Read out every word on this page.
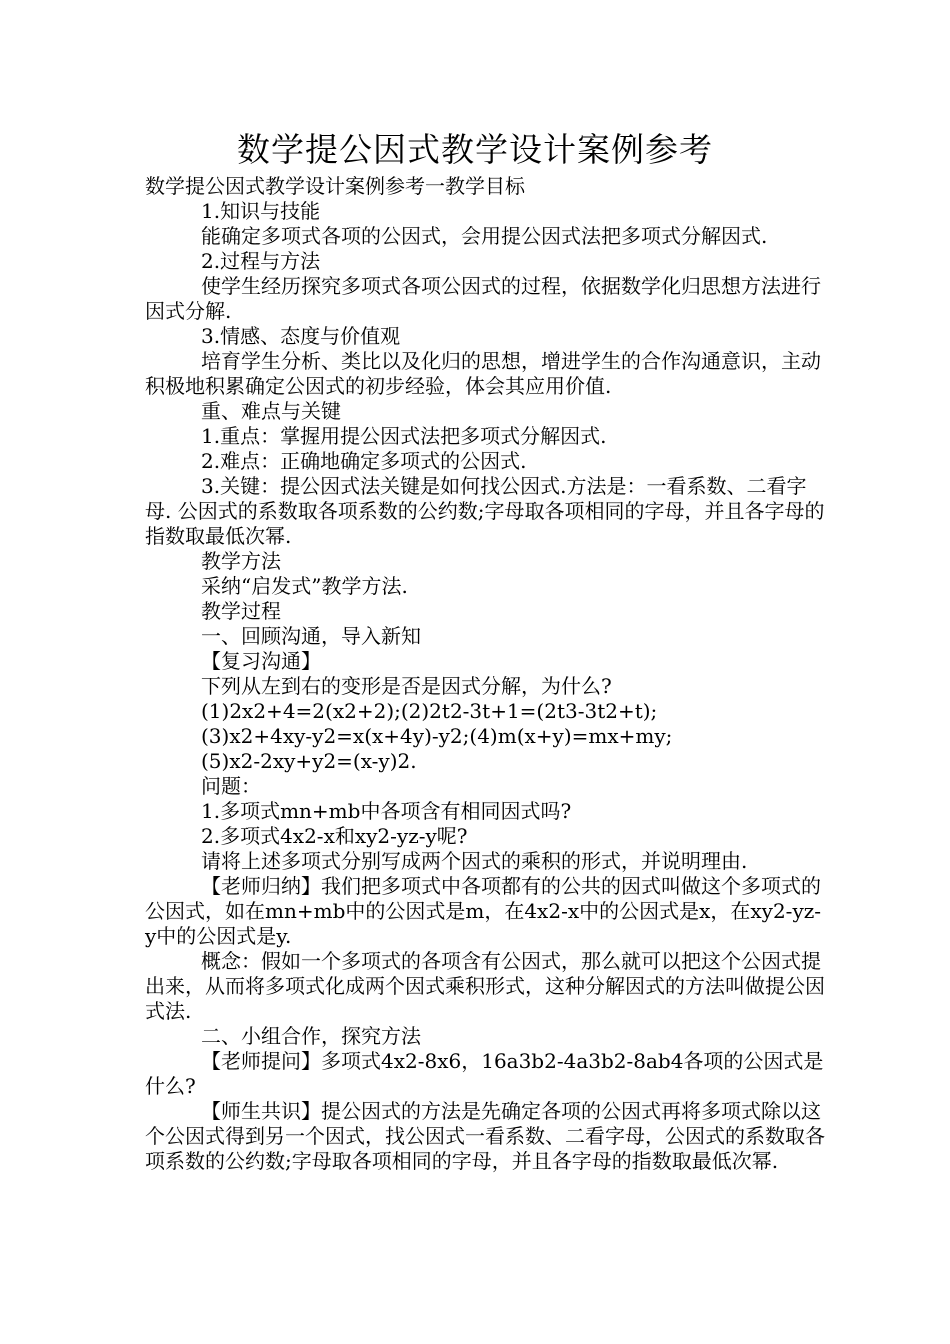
数学提公因式教学设计案例参考

数学提公因式教学设计案例参考一教学目标

1.知识与技能

能确定多项式各项的公因式，会用提公因式法把多项式分解因式.

2.过程与方法

使学生经历探究多项式各项公因式的过程，依据数学化归思想方法进行因式分解.

3.情感、态度与价值观

培育学生分析、类比以及化归的思想，增进学生的合作沟通意识，主动积极地积累确定公因式的初步经验，体会其应用价值.

重、难点与关键

1.重点：掌握用提公因式法把多项式分解因式.

2.难点：正确地确定多项式的公因式.

3.关键：提公因式法关键是如何找公因式.方法是：一看系数、二看字母. 公因式的系数取各项系数的公约数;字母取各项相同的字母，并且各字母的指数取最低次幂.

教学方法

采纳“启发式”教学方法.

教学过程

一、回顾沟通，导入新知

【复习沟通】

下列从左到右的变形是否是因式分解，为什么?

(1)2x2+4=2(x2+2);(2)2t2-3t+1=(2t3-3t2+t);

(3)x2+4xy-y2=x(x+4y)-y2;(4)m(x+y)=mx+my;

(5)x2-2xy+y2=(x-y)2.

问题：

1.多项式mn+mb中各项含有相同因式吗?

2.多项式4x2-x和xy2-yz-y呢?

请将上述多项式分别写成两个因式的乘积的形式，并说明理由.

【老师归纳】我们把多项式中各项都有的公共的因式叫做这个多项式的公因式，如在mn+mb中的公因式是m，在4x2-x中的公因式是x，在xy2-yz-y中的公因式是y.

概念：假如一个多项式的各项含有公因式，那么就可以把这个公因式提出来，从而将多项式化成两个因式乘积形式，这种分解因式的方法叫做提公因式法.

二、小组合作，探究方法

【老师提问】多项式4x2-8x6，16a3b2-4a3b2-8ab4各项的公因式是什么?

【师生共识】提公因式的方法是先确定各项的公因式再将多项式除以这个公因式得到另一个因式，找公因式一看系数、二看字母，公因式的系数取各项系数的公约数;字母取各项相同的字母，并且各字母的指数取最低次幂.
